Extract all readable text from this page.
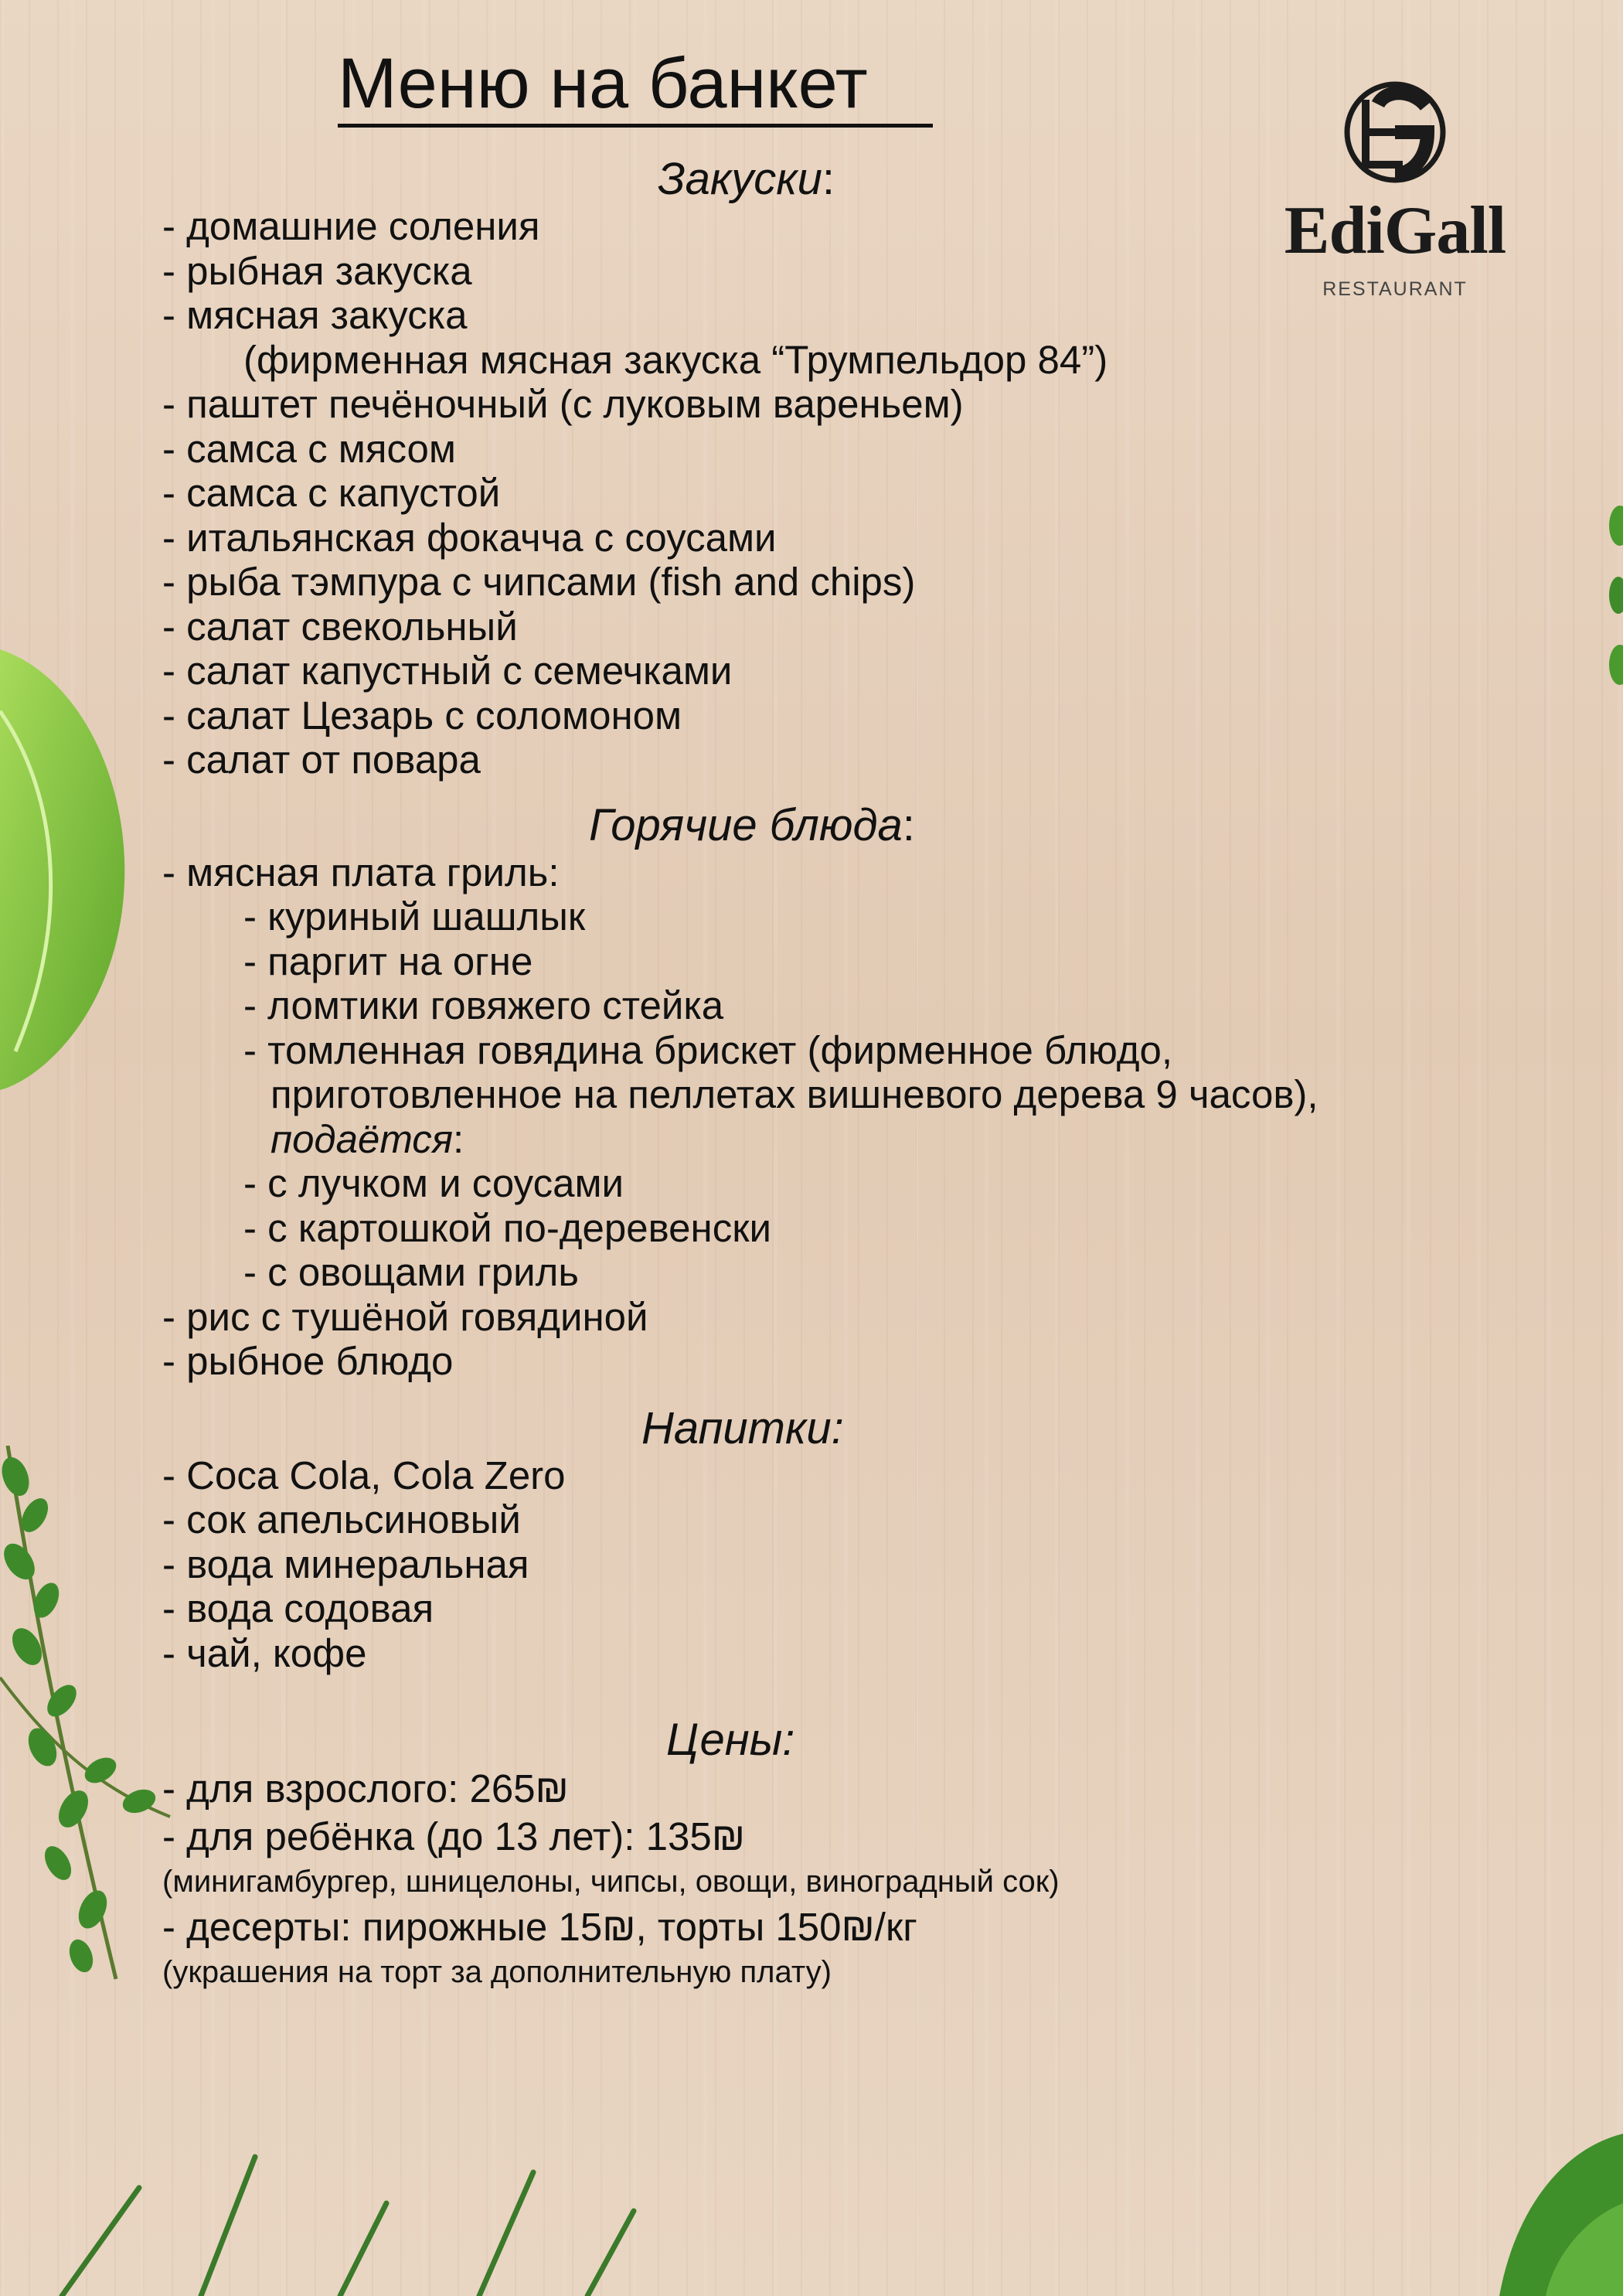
Меню на банкет
EdiGall
RESTAURANT
Закуски:
- домашние соления
- рыбная закуска
- мясная закуска
(фирменная мясная закуска “Трумпельдор 84”)
- паштет печёночный (с луковым вареньем)
- самса с мясом
- самса с капустой
- итальянская фокачча с соусами
- рыба тэмпура с чипсами (fish and chips)
- салат свекольный
- салат капустный с семечками
- салат Цезарь с соломоном
- салат от повара
Горячие блюда:
- мясная плата гриль:
- куриный шашлык
- паргит на огне
- ломтики говяжего стейка
- томленная говядина брискет (фирменное блюдо,
приготовленное на пеллетах вишневого дерева 9 часов),
подаётся:
- с лучком и соусами
- с картошкой по-деревенски
- с овощами гриль
- рис с тушёной говядиной
- рыбное блюдо
Напитки:
- Coca Cola, Cola Zero
- сок апельсиновый
- вода минеральная
- вода содовая
- чай, кофе
Цены:
- для взрослого: 265₪
- для ребёнка (до 13 лет): 135₪
(минигамбургер, шницелоны, чипсы, овощи, виноградный сок)
- десерты: пирожные 15₪, торты 150₪/кг
(украшения на торт за дополнительную плату)
